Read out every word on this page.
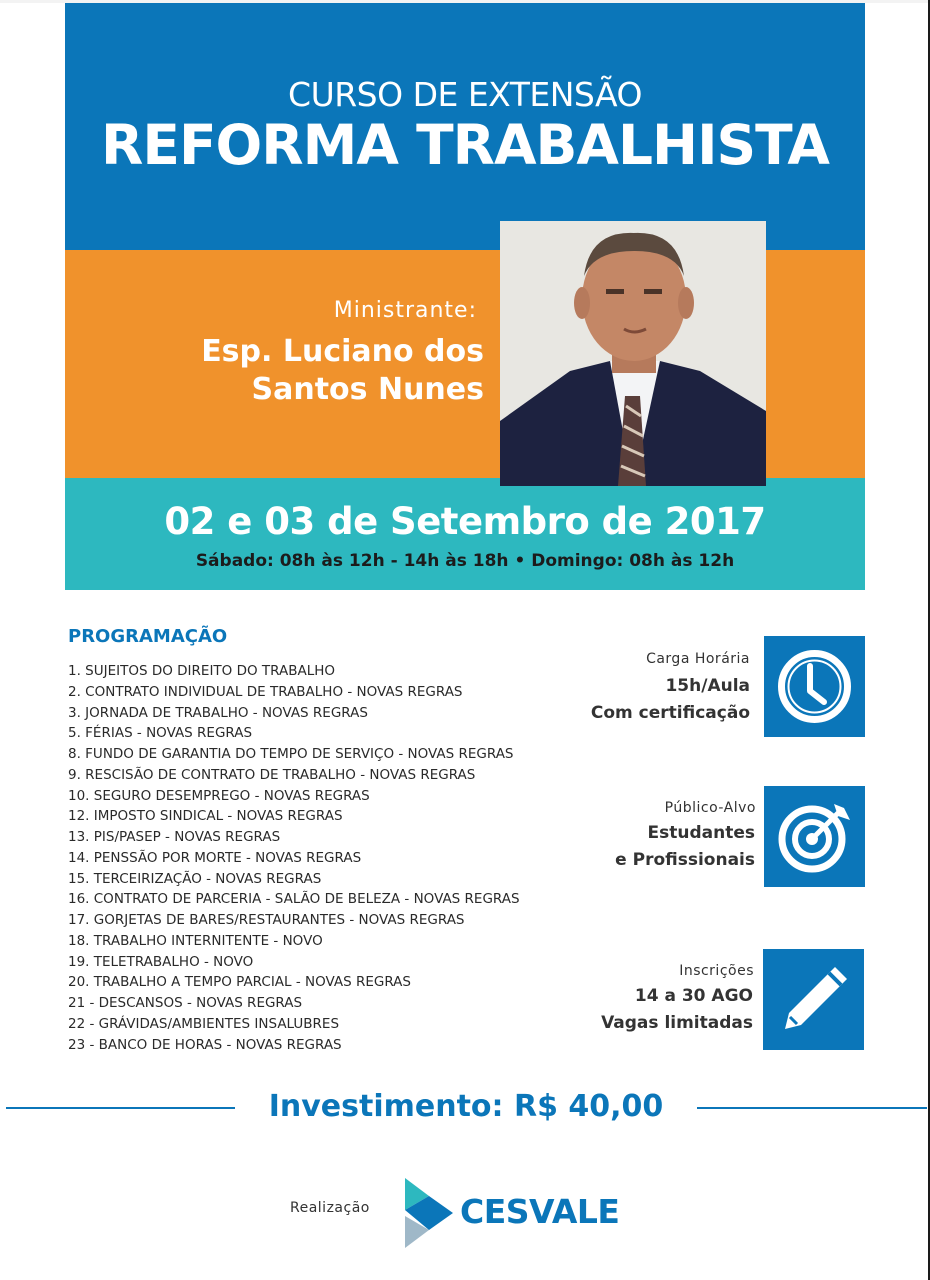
CURSO DE EXTENSÃO
REFORMA TRABALHISTA
Ministrante:
Esp. Luciano dos
Santos Nunes
02 e 03 de Setembro de 2017
Sábado: 08h às 12h - 14h às 18h • Domingo: 08h às 12h
PROGRAMAÇÃO
1. SUJEITOS DO DIREITO DO TRABALHO
2. CONTRATO INDIVIDUAL DE TRABALHO - NOVAS REGRAS
3. JORNADA DE TRABALHO - NOVAS REGRAS
5. FÉRIAS - NOVAS REGRAS
8. FUNDO DE GARANTIA DO TEMPO DE SERVIÇO - NOVAS REGRAS
9. RESCISÃO DE CONTRATO DE TRABALHO - NOVAS REGRAS
10. SEGURO DESEMPREGO - NOVAS REGRAS
12. IMPOSTO SINDICAL - NOVAS REGRAS
13. PIS/PASEP - NOVAS REGRAS
14. PENSSÃO POR MORTE - NOVAS REGRAS
15. TERCEIRIZAÇÃO - NOVAS REGRAS
16. CONTRATO DE PARCERIA - SALÃO DE BELEZA - NOVAS REGRAS
17. GORJETAS DE BARES/RESTAURANTES - NOVAS REGRAS
18. TRABALHO INTERNITENTE - NOVO
19. TELETRABALHO - NOVO
20. TRABALHO A TEMPO PARCIAL - NOVAS REGRAS
21 - DESCANSOS - NOVAS REGRAS
22 - GRÁVIDAS/AMBIENTES INSALUBRES
23 - BANCO DE HORAS - NOVAS REGRAS
Carga Horária
15h/Aula
Com certificação
Público-Alvo
Estudantes
e Profissionais
Inscrições
14 a 30 AGO
Vagas limitadas
Investimento: R$ 40,00
Realização	CESVALE
